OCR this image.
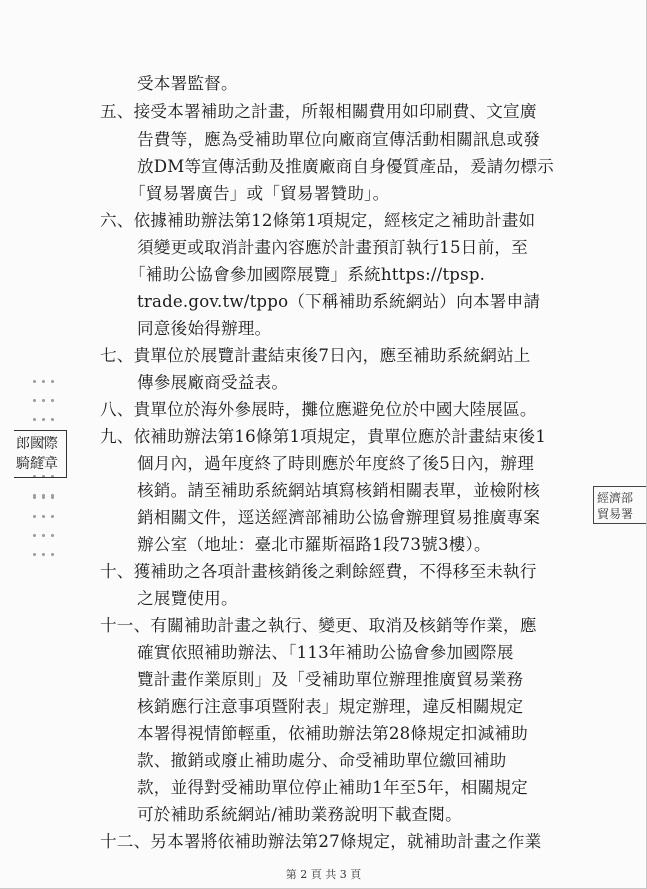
受本署監督。
五、接受本署補助之計畫，所報相關費用如印刷費、文宣廣
告費等，應為受補助單位向廠商宣傳活動相關訊息或發
放DM等宣傳活動及推廣廠商自身優質產品，爰請勿標示
「貿易署廣告」或「貿易署贊助」。
六、依據補助辦法第12條第1項規定，經核定之補助計畫如
須變更或取消計畫內容應於計畫預訂執行15日前，至
「補助公協會參加國際展覽」系統https://tpsp.
trade.gov.tw/tppo（下稱補助系統網站）向本署申請
同意後始得辦理。
七、貴單位於展覽計畫結束後7日內，應至補助系統網站上
傳參展廠商受益表。
八、貴單位於海外參展時，攤位應避免位於中國大陸展區。
九、依補助辦法第16條第1項規定，貴單位應於計畫結束後1
個月內，過年度終了時則應於年度終了後5日內，辦理
核銷。請至補助系統網站填寫核銷相關表單，並檢附核
銷相關文件，逕送經濟部補助公協會辦理貿易推廣專案
辦公室（地址：臺北市羅斯福路1段73號3樓）。
十、獲補助之各項計畫核銷後之剩餘經費，不得移至未執行
之展覽使用。
十一、有關補助計畫之執行、變更、取消及核銷等作業，應
確實依照補助辦法、「113年補助公協會參加國際展
覽計畫作業原則」及「受補助單位辦理推廣貿易業務
核銷應行注意事項暨附表」規定辦理，違反相關規定
本署得視情節輕重，依補助辦法第28條規定扣減補助
款、撤銷或廢止補助處分、命受補助單位繳回補助
款，並得對受補助單位停止補助1年至5年，相關規定
可於補助系統網站/補助業務說明下載查閱。
十二、另本署將依補助辦法第27條規定，就補助計畫之作業
第 2 頁 共 3 頁

郎國際
騎縫章
經濟部
貿易署
